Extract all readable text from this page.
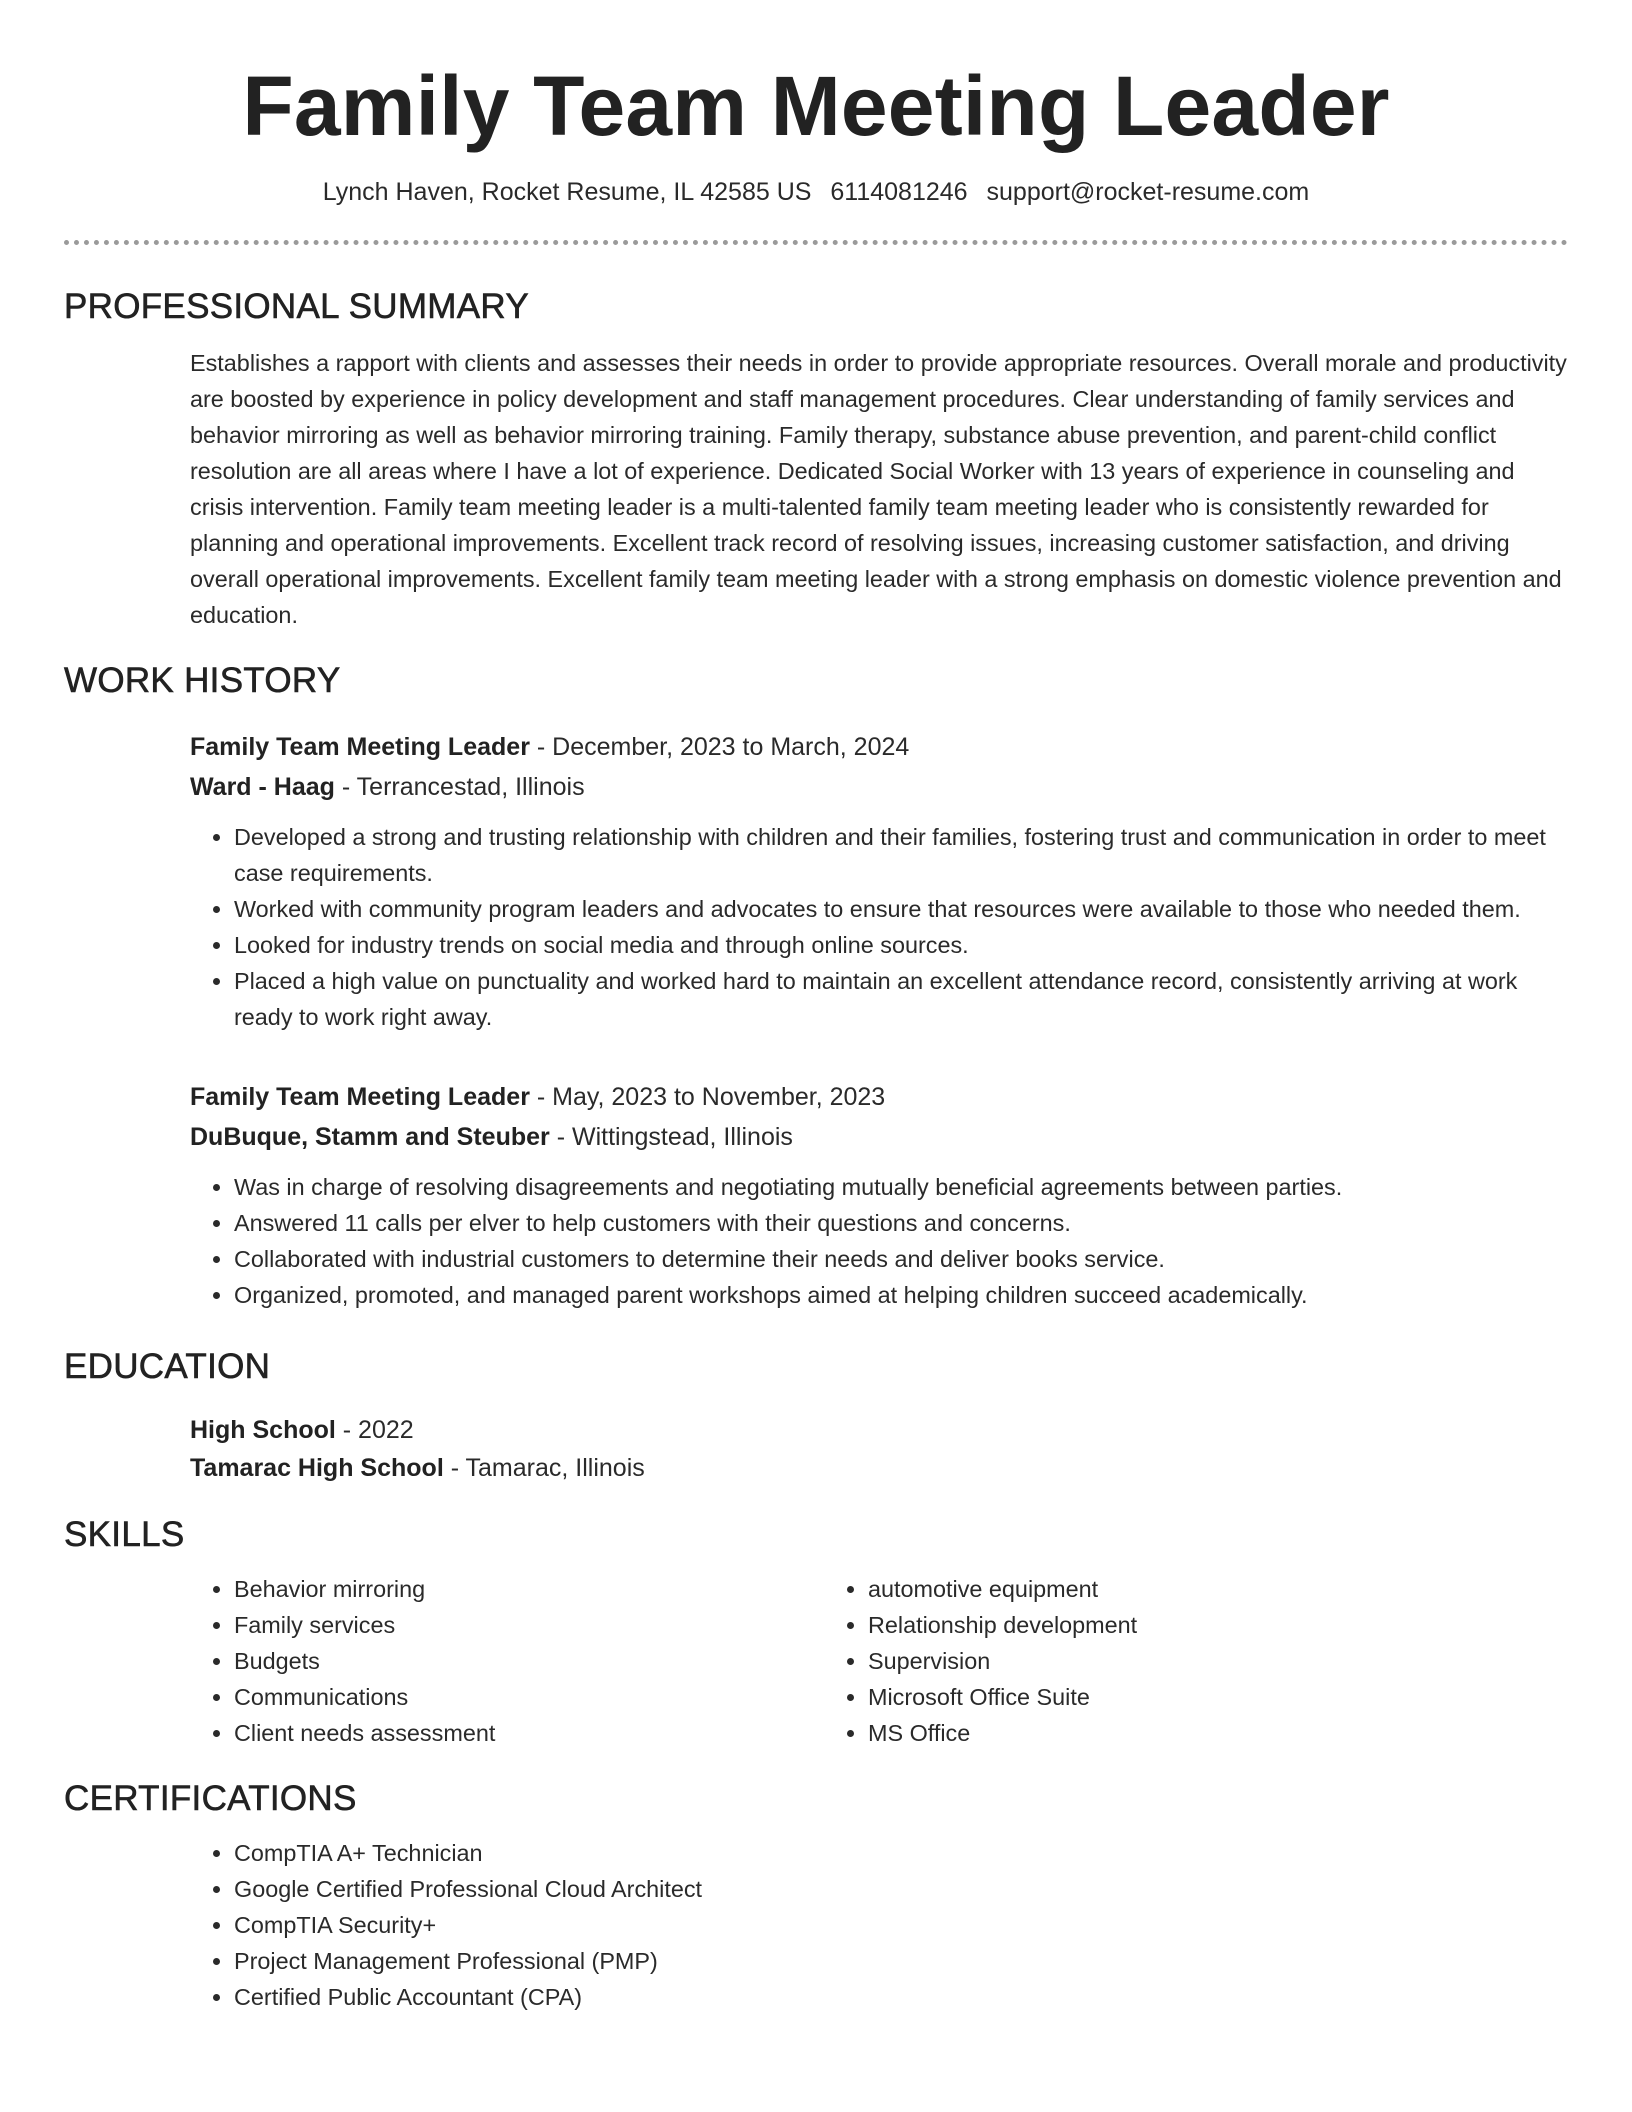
Family Team Meeting Leader
Lynch Haven, Rocket Resume, IL 42585 US 6114081246 support@rocket-resume.com
PROFESSIONAL SUMMARY

Establishes a rapport with clients and assesses their needs in order to provide appropriate resources. Overall morale and productivity are boosted by experience in policy development and staff management procedures. Clear understanding of family services and behavior mirroring as well as behavior mirroring training. Family therapy, substance abuse prevention, and parent-child conflict resolution are all areas where I have a lot of experience. Dedicated Social Worker with 13 years of experience in counseling and crisis intervention. Family team meeting leader is a multi-talented family team meeting leader who is consistently rewarded for planning and operational improvements. Excellent track record of resolving issues, increasing customer satisfaction, and driving overall operational improvements. Excellent family team meeting leader with a strong emphasis on domestic violence prevention and education.

WORK HISTORY
Family Team Meeting Leader - December, 2023 to March, 2024
Ward - Haag - Terrancestad, Illinois
• Developed a strong and trusting relationship with children and their families, fostering trust and communication in order to meet case requirements.
• Worked with community program leaders and advocates to ensure that resources were available to those who needed them.
• Looked for industry trends on social media and through online sources.
• Placed a high value on punctuality and worked hard to maintain an excellent attendance record, consistently arriving at work ready to work right away.
Family Team Meeting Leader - May, 2023 to November, 2023
DuBuque, Stamm and Steuber - Wittingstead, Illinois
• Was in charge of resolving disagreements and negotiating mutually beneficial agreements between parties.
• Answered 11 calls per elver to help customers with their questions and concerns.
• Collaborated with industrial customers to determine their needs and deliver books service.
• Organized, promoted, and managed parent workshops aimed at helping children succeed academically.
EDUCATION
High School - 2022
Tamarac High School - Tamarac, Illinois
SKILLS
• Behavior mirroring
• Family services
• Budgets
• Communications
• Client needs assessment
• automotive equipment
• Relationship development
• Supervision
• Microsoft Office Suite
• MS Office
CERTIFICATIONS
• CompTIA A+ Technician
• Google Certified Professional Cloud Architect
• CompTIA Security+
• Project Management Professional (PMP)
• Certified Public Accountant (CPA)
